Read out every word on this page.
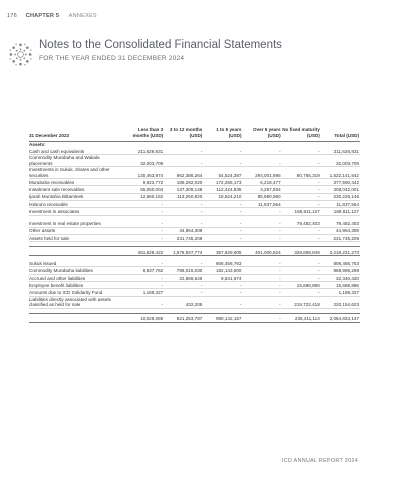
176 CHAPTER 5 ANNEXES
Notes to the Consolidated Financial Statements
FOR THE YEAR ENDED 31 DECEMBER 2024
31 December 2023	Less than 3 months (USD)	3 to 12 months (USD)	1 to 5 years (USD)	Over 5 years (USD)	No fixed maturity (USD)	Total (USD)
Assets:						
Cash and cash equivalents	211,626,831	-	-	-	-	211,626,831
Commodity Murabaha and Wakala placements	32,003,709	-	-	-	-	32,003,709
Investments in Sukuk, shares and other securities	130,463,974	962,386,264	54,524,387	294,001,695	80,765,319	1,522,141,542
Murabaha receivables	9,923,772	189,292,020	172,256,173	6,218,477	-	377,590,442
Instalment sale receivables	55,050,004	137,309,148	112,424,835	3,257,934	-	308,042,001
Ijarah Muntahia Bittamleek	12,660,152	113,250,820	18,624,210	85,690,960	-	230,226,146
Istisna'a receivable	-	-	-	11,837,554	-	11,837,554
Investment in associates	-	-	-	-	168,611,127	168,611,127
Investment in real estate properties	-	-	-	-	79,482,403	79,482,403
Other assets	-	44,954,309	-	-	-	44,954,309
Assets held for sale	-	231,745,209	-	-	-	231,745,209

	451,628,422	1,678,937,774	357,829,605	401,006,624	328,858,849	3,218,231,273

Sukuk issued	-	-	806,456,763	-	-	806,456,763
Commodity Murabaha liabilities	8,837,762	786,015,030	192,143,500	-	-	988,996,298
Accrued and other liabilities	-	22,868,546	9,541,874	-	-	32,340,420
Employee benefit liabilities	-	-	-	-	15,688,896	15,688,896
Amounts due to ICD Solidarity Fund	1,189,327	-	-	-	-	1,189,327
Liabilities directly associated with assets classified as held for sale	-	432,205	-	-	219,722,418	220,154,623

	10,026,089	821,253,787	990,142,157	-	235,411,114	2,064,833,147
ICD ANNUAL REPORT 2024
